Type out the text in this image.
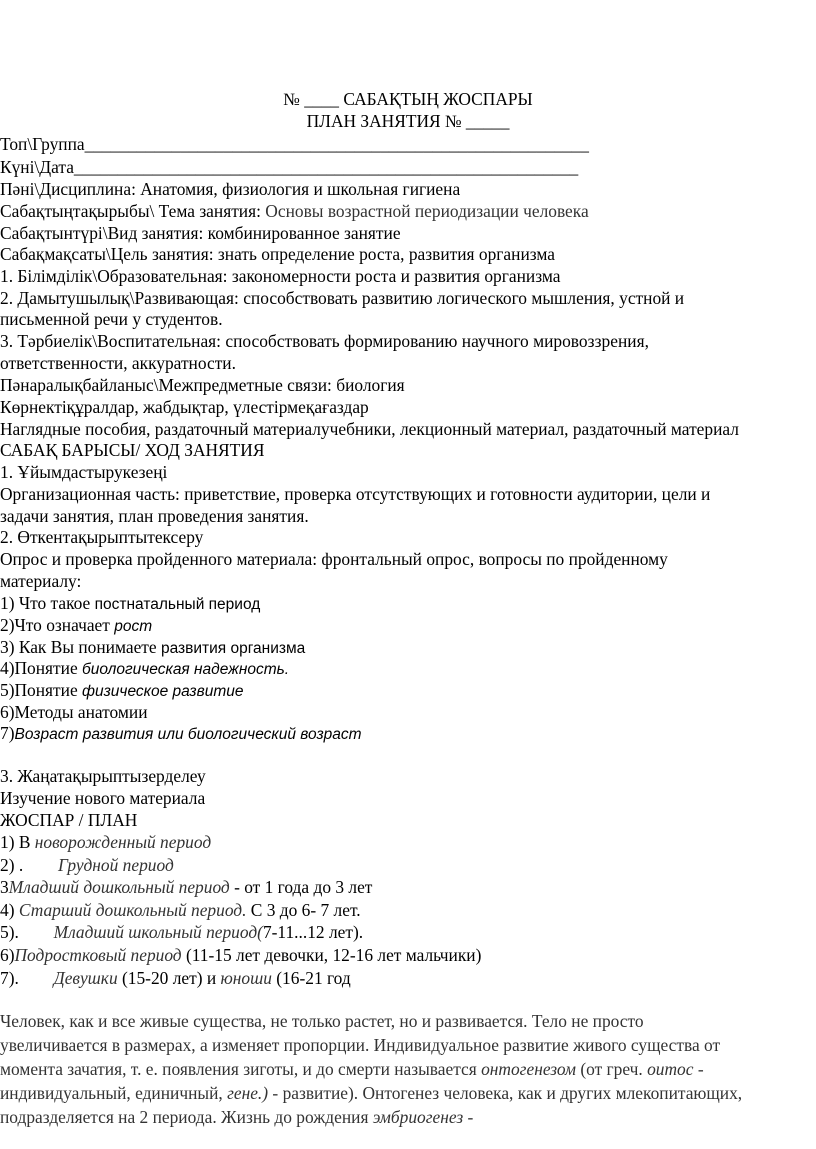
№ ____ САБАҚТЫҢ ЖОСПАРЫ
ПЛАН ЗАНЯТИЯ № _____
Топ\Группа__________________________________________________________
Күні\Дата__________________________________________________________
Пәні\Дисциплина: Анатомия, физиология и школьная гигиена
Сабақтыңтақырыбы\ Тема занятия: Основы возрастной периодизации человека
Сабақтынтүрі\Вид занятия: комбинированное занятие
Сабақмақсаты\Цель занятия: знать определение роста, развития организма
1. Білімділік\Образовательная: закономерности роста и развития организма
2. Дамытушылық\Развивающая: способствовать развитию логического мышления, устной и
письменной речи у студентов.
3. Тәрбиелік\Воспитательная: способствовать формированию научного мировоззрения,
ответственности, аккуратности.
Пәнаралықбайланыс\Межпредметные связи: биология
Көрнектіқұралдар, жабдықтар, үлестірмеқағаздар
Наглядные пособия, раздаточный материалучебники, лекционный материал, раздаточный материал
САБАҚ БАРЫСЫ/ ХОД ЗАНЯТИЯ
1. Ұйымдастырукезеңі
Организационная часть: приветствие, проверка отсутствующих и готовности аудитории, цели и
задачи занятия, план проведения занятия.
2. Өткентақырыптытексеру
Опрос и проверка пройденного материала: фронтальный опрос, вопросы по пройденному
материалу:
1) Что такое постнатальный период
2)Что означает рост
3) Как Вы понимаете развития организма
4)Понятие биологическая надежность.
5)Понятие физическое развитие
6)Методы анатомии
7)Возраст развития или биологический возраст
3. Жаңатақырыптызерделеу
Изучение нового материала
ЖОСПАР / ПЛАН
1) В новорожденный период
2) .        Грудной период
3Младший дошкольный период - от 1 года до 3 лет
4) Старший дошкольный период. С 3 до 6- 7 лет.
5).        Младший школьный период(7-11...12 лет).
6)Подростковый период (11-15 лет девочки, 12-16 лет мальчики)
7).        Девушки (15-20 лет) и юноши (16-21 год
Человек, как и все живые существа, не только растет, но и развивается. Тело не просто
увеличивается в размерах, а изменяет пропорции. Индивидуальное развитие живого существа от
момента зачатия, т. е. появления зиготы, и до смерти называется онтогенезом (от греч. оитос -
индивидуальный, единичный, гене.) - развитие). Онтогенез человека, как и других млекопитающих,
подразделяется на 2 периода. Жизнь до рождения эмбриогенез -
